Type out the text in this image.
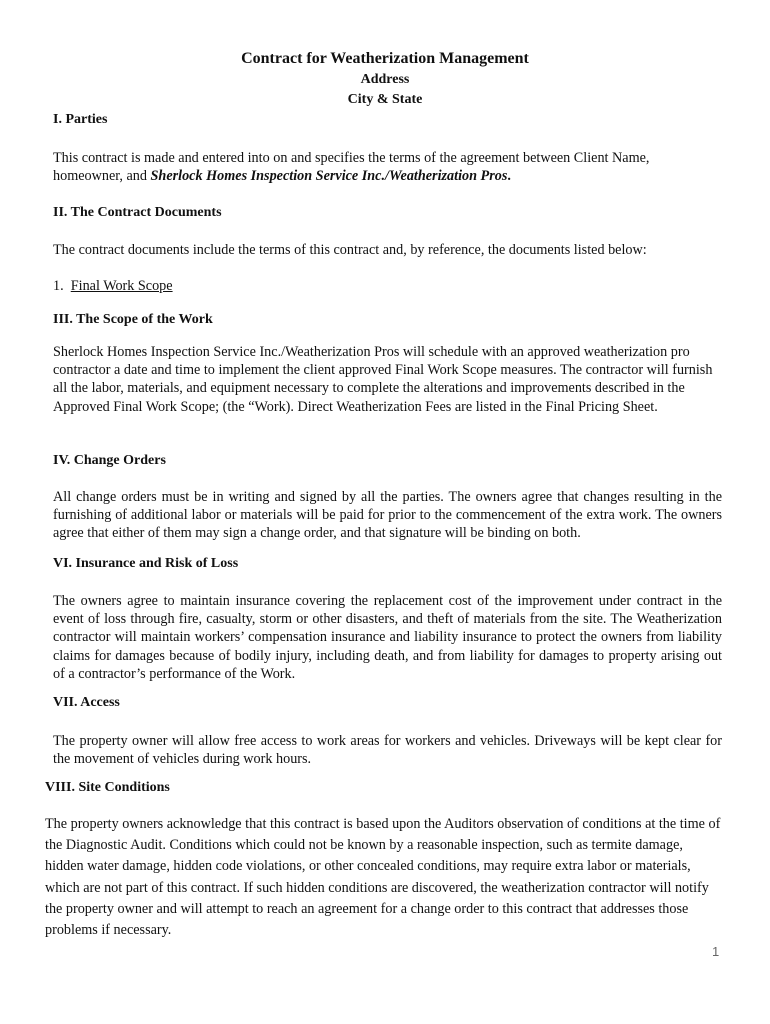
Contract for Weatherization Management
Address
City & State
I. Parties
This contract is made and entered into on and specifies the terms of the agreement between Client Name, homeowner, and Sherlock Homes Inspection Service Inc./Weatherization Pros.
II. The Contract Documents
The contract documents include the terms of this contract and, by reference, the documents listed below:
1. Final Work Scope
III. The Scope of the Work
Sherlock Homes Inspection Service Inc./Weatherization Pros will schedule with an approved weatherization pro contractor a date and time to implement the client approved Final Work Scope measures. The contractor will furnish all the labor, materials, and equipment necessary to complete the alterations and improvements described in the Approved Final Work Scope; (the “Work). Direct Weatherization Fees are listed in the Final Pricing Sheet.
IV. Change Orders
All change orders must be in writing and signed by all the parties. The owners agree that changes resulting in the furnishing of additional labor or materials will be paid for prior to the commencement of the extra work. The owners agree that either of them may sign a change order, and that signature will be binding on both.
VI. Insurance and Risk of Loss
The owners agree to maintain insurance covering the replacement cost of the improvement under contract in the event of loss through fire, casualty, storm or other disasters, and theft of materials from the site. The Weatherization contractor will maintain workers’ compensation insurance and liability insurance to protect the owners from liability claims for damages because of bodily injury, including death, and from liability for damages to property arising out of a contractor’s performance of the Work.
VII. Access
The property owner will allow free access to work areas for workers and vehicles. Driveways will be kept clear for the movement of vehicles during work hours.
VIII. Site Conditions
The property owners acknowledge that this contract is based upon the Auditors observation of conditions at the time of the Diagnostic Audit. Conditions which could not be known by a reasonable inspection, such as termite damage, hidden water damage, hidden code violations, or other concealed conditions, may require extra labor or materials, which are not part of this contract. If such hidden conditions are discovered, the weatherization contractor will notify the property owner and will attempt to reach an agreement for a change order to this contract that addresses those problems if necessary.
1
